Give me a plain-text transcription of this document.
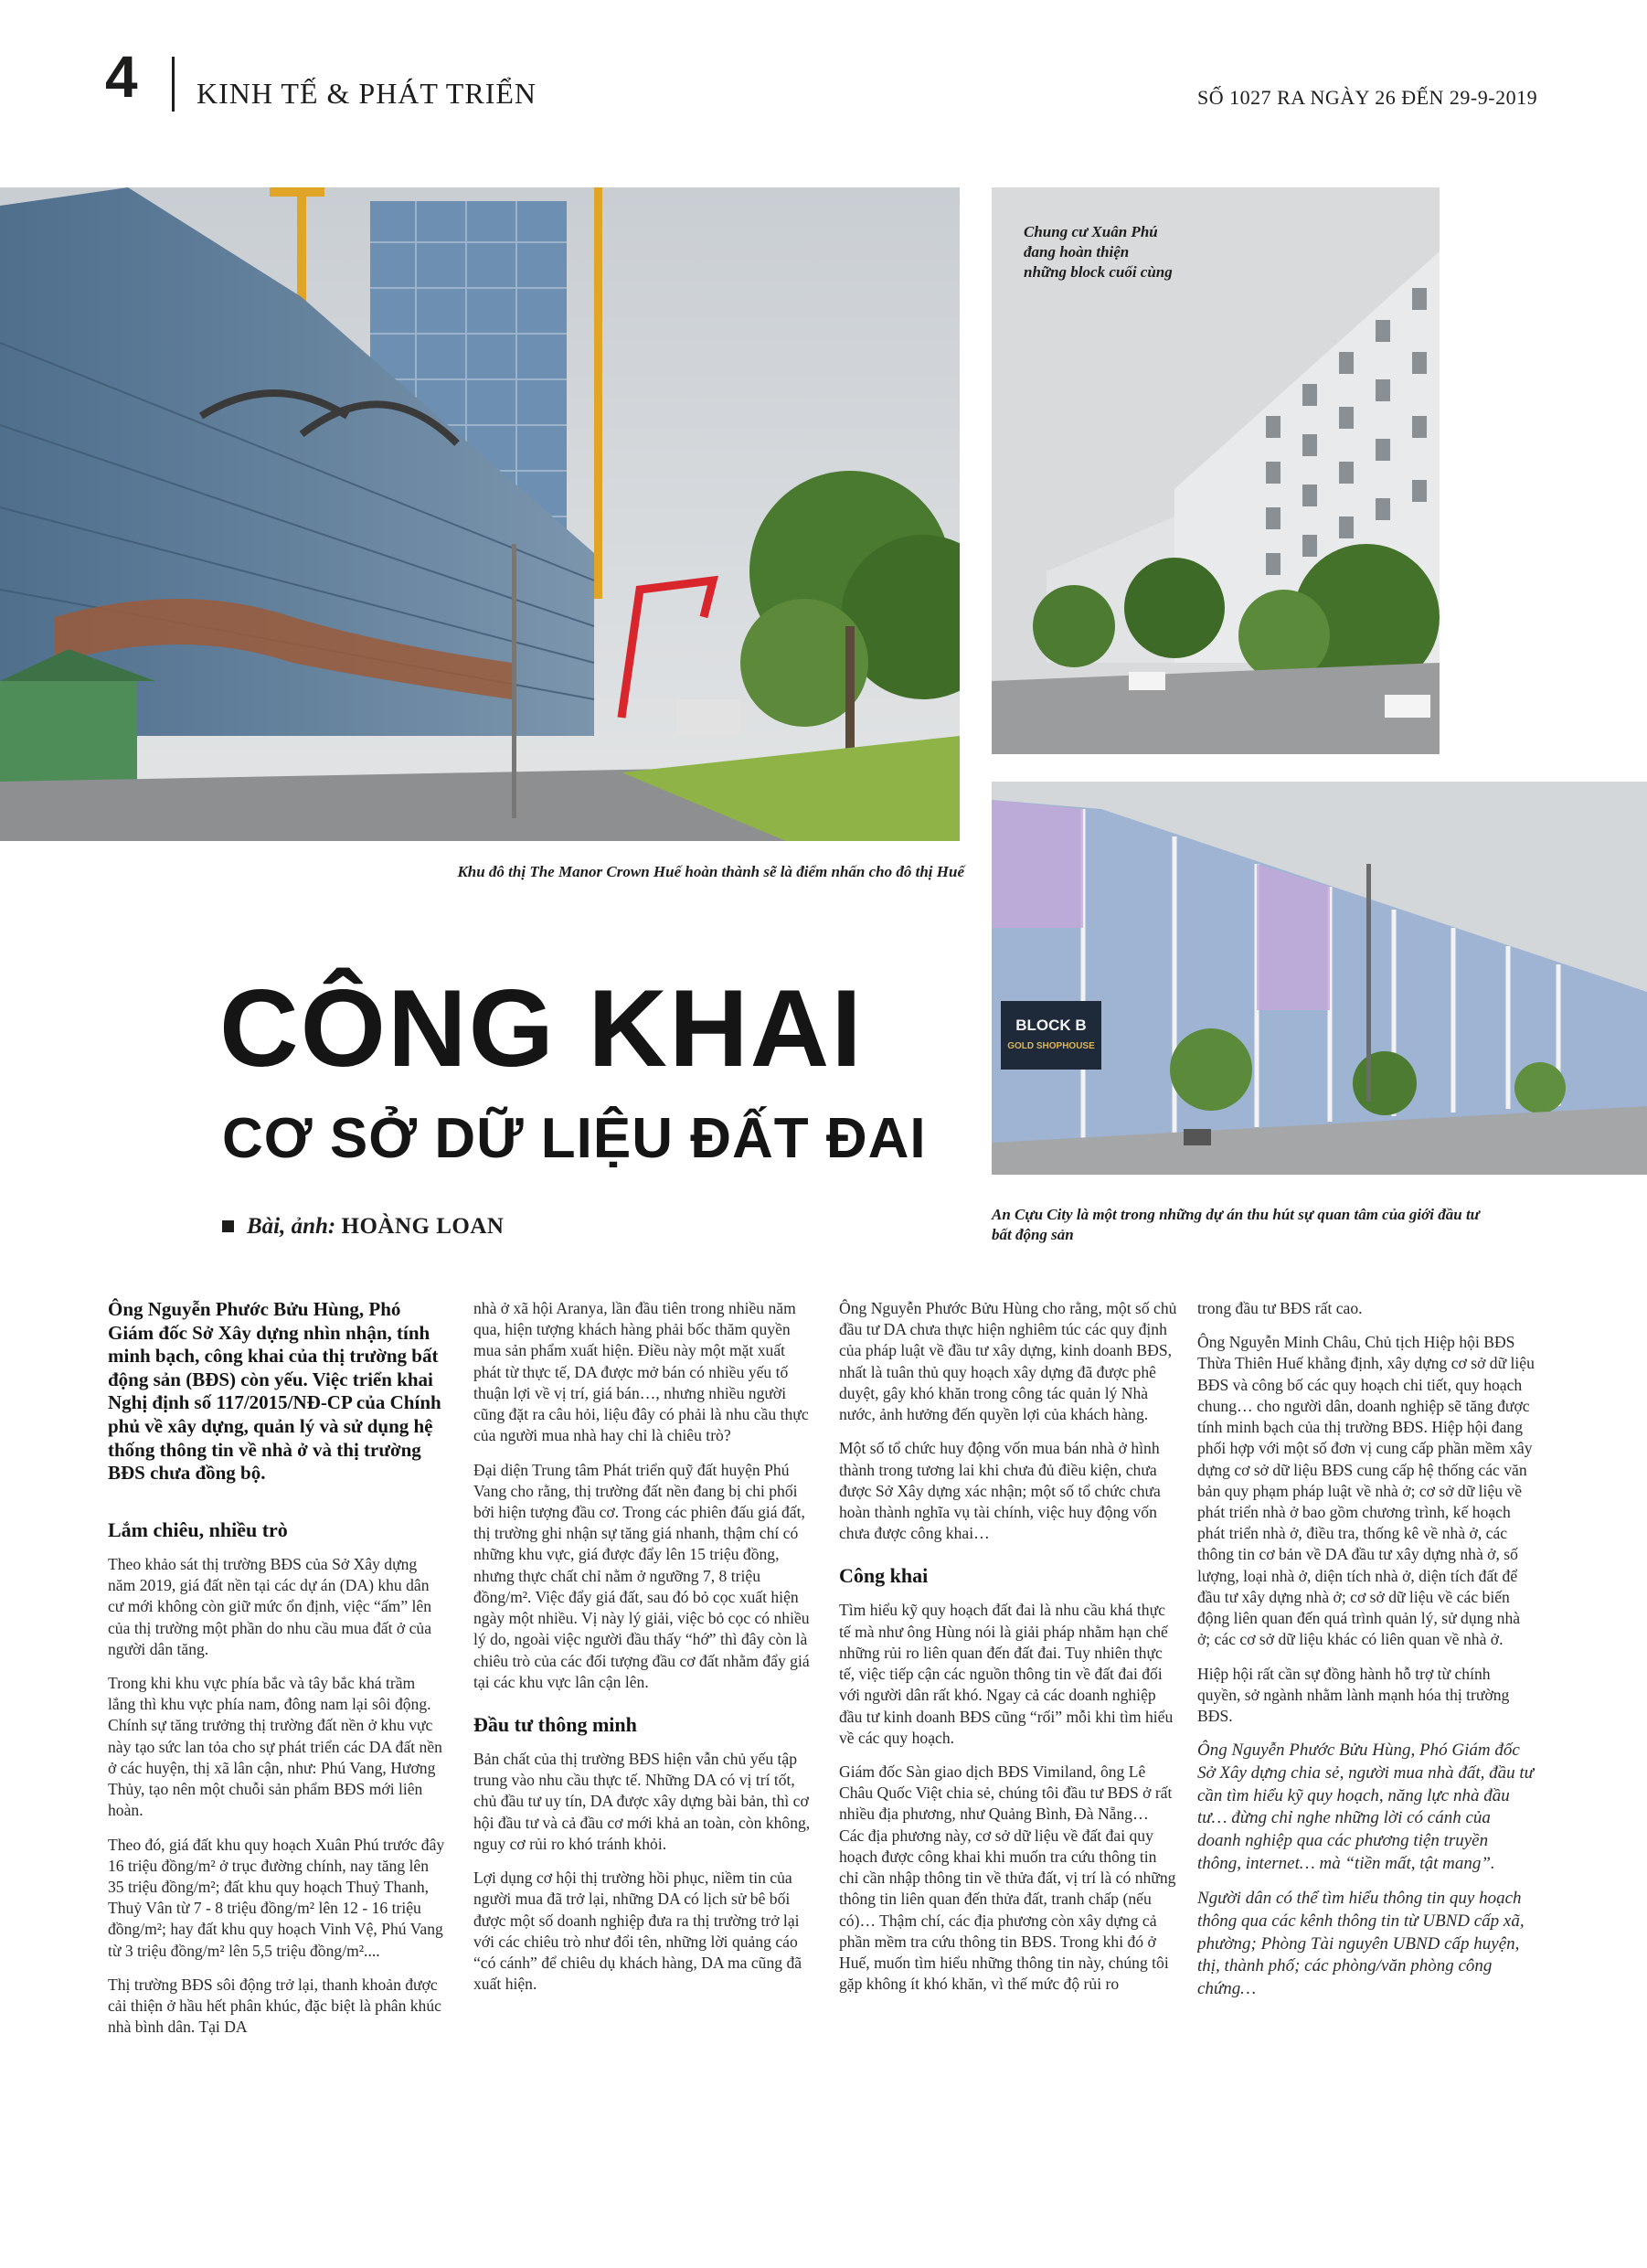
4 KINH TẾ & PHÁT TRIỂN	SỐ 1027 RA NGÀY 26 ĐẾN 29-9-2019
Khu đô thị The Manor Crown Huế hoàn thành sẽ là điểm nhấn cho đô thị Huế
Chung cư Xuân Phú
đang hoàn thiện
những block cuối cùng
BLOCK B
GOLD SHOPHOUSE
An Cựu City là một trong những dự án thu hút sự quan tâm của giới đầu tư
bất động sản
CÔNG KHAI
CƠ SỞ DỮ LIỆU ĐẤT ĐAI
Bài, ảnh: HOÀNG LOAN

Ông Nguyễn Phước Bửu Hùng, Phó Giám đốc Sở Xây dựng nhìn nhận, tính minh bạch, công khai của thị trường bất động sản (BĐS) còn yếu. Việc triển khai Nghị định số 117/2015/NĐ-CP của Chính phủ về xây dựng, quản lý và sử dụng hệ thống thông tin về nhà ở và thị trường BĐS chưa đồng bộ.

Lắm chiêu, nhiều trò

Theo khảo sát thị trường BĐS của Sở Xây dựng năm 2019, giá đất nền tại các dự án (DA) khu dân cư mới không còn giữ mức ổn định, việc “ấm” lên của thị trường một phần do nhu cầu mua đất ở của người dân tăng.

Trong khi khu vực phía bắc và tây bắc khá trầm lắng thì khu vực phía nam, đông nam lại sôi động. Chính sự tăng trưởng thị trường đất nền ở khu vực này tạo sức lan tỏa cho sự phát triển các DA đất nền ở các huyện, thị xã lân cận, như: Phú Vang, Hương Thủy, tạo nên một chuỗi sản phẩm BĐS mới liên hoàn.

Theo đó, giá đất khu quy hoạch Xuân Phú trước đây 16 triệu đồng/m² ở trục đường chính, nay tăng lên 35 triệu đồng/m²; đất khu quy hoạch Thuỷ Thanh, Thuỷ Vân từ 7 - 8 triệu đồng/m² lên 12 - 16 triệu đồng/m²; hay đất khu quy hoạch Vinh Vệ, Phú Vang từ 3 triệu đồng/m² lên 5,5 triệu đồng/m²....

Thị trường BĐS sôi động trở lại, thanh khoản được cải thiện ở hầu hết phân khúc, đặc biệt là phân khúc nhà bình dân. Tại DA

nhà ở xã hội Aranya, lần đầu tiên trong nhiều năm qua, hiện tượng khách hàng phải bốc thăm quyền mua sản phẩm xuất hiện. Điều này một mặt xuất phát từ thực tế, DA được mở bán có nhiều yếu tố thuận lợi về vị trí, giá bán…, nhưng nhiều người cũng đặt ra câu hỏi, liệu đây có phải là nhu cầu thực của người mua nhà hay chỉ là chiêu trò?

Đại diện Trung tâm Phát triển quỹ đất huyện Phú Vang cho rằng, thị trường đất nền đang bị chi phối bởi hiện tượng đầu cơ. Trong các phiên đấu giá đất, thị trường ghi nhận sự tăng giá nhanh, thậm chí có những khu vực, giá được đẩy lên 15 triệu đồng, nhưng thực chất chỉ nằm ở ngưỡng 7, 8 triệu đồng/m². Việc đẩy giá đất, sau đó bỏ cọc xuất hiện ngày một nhiều. Vị này lý giải, việc bỏ cọc có nhiều lý do, ngoài việc người đầu thấy “hớ” thì đây còn là chiêu trò của các đối tượng đầu cơ đất nhằm đẩy giá tại các khu vực lân cận lên.

Đầu tư thông minh

Bản chất của thị trường BĐS hiện vẫn chủ yếu tập trung vào nhu cầu thực tế. Những DA có vị trí tốt, chủ đầu tư uy tín, DA được xây dựng bài bản, thì cơ hội đầu tư và cả đầu cơ mới khả an toàn, còn không, nguy cơ rủi ro khó tránh khỏi.

Lợi dụng cơ hội thị trường hồi phục, niềm tin của người mua đã trở lại, những DA có lịch sử bê bối được một số doanh nghiệp đưa ra thị trường trở lại với các chiêu trò như đổi tên, những lời quảng cáo “có cánh” để chiêu dụ khách hàng, DA ma cũng đã xuất hiện.

Ông Nguyễn Phước Bửu Hùng cho rằng, một số chủ đầu tư DA chưa thực hiện nghiêm túc các quy định của pháp luật về đầu tư xây dựng, kinh doanh BĐS, nhất là tuân thủ quy hoạch xây dựng đã được phê duyệt, gây khó khăn trong công tác quản lý Nhà nước, ảnh hưởng đến quyền lợi của khách hàng.

Một số tổ chức huy động vốn mua bán nhà ở hình thành trong tương lai khi chưa đủ điều kiện, chưa được Sở Xây dựng xác nhận; một số tổ chức chưa hoàn thành nghĩa vụ tài chính, việc huy động vốn chưa được công khai…

Công khai

Tìm hiểu kỹ quy hoạch đất đai là nhu cầu khá thực tế mà như ông Hùng nói là giải pháp nhằm hạn chế những rủi ro liên quan đến đất đai. Tuy nhiên thực tế, việc tiếp cận các nguồn thông tin về đất đai đối với người dân rất khó. Ngay cả các doanh nghiệp đầu tư kinh doanh BĐS cũng “rối” mỗi khi tìm hiểu về các quy hoạch.

Giám đốc Sàn giao dịch BĐS Vimiland, ông Lê Châu Quốc Việt chia sẻ, chúng tôi đầu tư BĐS ở rất nhiều địa phương, như Quảng Bình, Đà Nẵng… Các địa phương này, cơ sở dữ liệu về đất đai quy hoạch được công khai khi muốn tra cứu thông tin chỉ cần nhập thông tin về thửa đất, vị trí là có những thông tin liên quan đến thửa đất, tranh chấp (nếu có)… Thậm chí, các địa phương còn xây dựng cả phần mềm tra cứu thông tin BĐS. Trong khi đó ở Huế, muốn tìm hiểu những thông tin này, chúng tôi gặp không ít khó khăn, vì thế mức độ rủi ro

trong đầu tư BĐS rất cao.

Ông Nguyễn Minh Châu, Chủ tịch Hiệp hội BĐS Thừa Thiên Huế khẳng định, xây dựng cơ sở dữ liệu BĐS và công bố các quy hoạch chi tiết, quy hoạch chung… cho người dân, doanh nghiệp sẽ tăng được tính minh bạch của thị trường BĐS. Hiệp hội đang phối hợp với một số đơn vị cung cấp phần mềm xây dựng cơ sở dữ liệu BĐS cung cấp hệ thống các văn bản quy phạm pháp luật về nhà ở; cơ sở dữ liệu về phát triển nhà ở bao gồm chương trình, kế hoạch phát triển nhà ở, điều tra, thống kê về nhà ở, các thông tin cơ bản về DA đầu tư xây dựng nhà ở, số lượng, loại nhà ở, diện tích nhà ở, diện tích đất để đầu tư xây dựng nhà ở; cơ sở dữ liệu về các biến động liên quan đến quá trình quản lý, sử dụng nhà ở; các cơ sở dữ liệu khác có liên quan về nhà ở.

Hiệp hội rất cần sự đồng hành hỗ trợ từ chính quyền, sở ngành nhằm lành mạnh hóa thị trường BĐS.

Ông Nguyễn Phước Bửu Hùng, Phó Giám đốc Sở Xây dựng chia sẻ, người mua nhà đất, đầu tư cần tìm hiểu kỹ quy hoạch, năng lực nhà đầu tư… đừng chỉ nghe những lời có cánh của doanh nghiệp qua các phương tiện truyền thông, internet… mà “tiền mất, tật mang”.

Người dân có thể tìm hiểu thông tin quy hoạch thông qua các kênh thông tin từ UBND cấp xã, phường; Phòng Tài nguyên UBND cấp huyện, thị, thành phố; các phòng/văn phòng công chứng…
